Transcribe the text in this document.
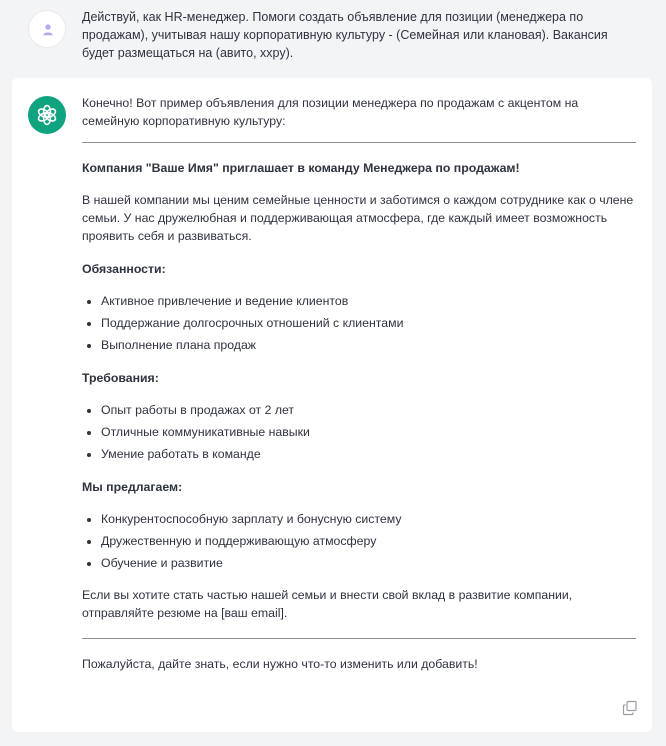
Действуй, как HR-менеджер. Помоги создать объявление для позиции (менеджера по продажам), учитывая нашу корпоративную культуру - (Семейная или клановая). Вакансия будет размещаться на (авито, ххру).

Конечно! Вот пример объявления для позиции менеджера по продажам с акцентом на семейную корпоративную культуру:

Компания "Ваше Имя" приглашает в команду Менеджера по продажам!

В нашей компании мы ценим семейные ценности и заботимся о каждом сотруднике как о члене семьи. У нас дружелюбная и поддерживающая атмосфера, где каждый имеет возможность проявить себя и развиваться.

Обязанности:

• Активное привлечение и ведение клиентов
• Поддержание долгосрочных отношений с клиентами
• Выполнение плана продаж

Требования:

• Опыт работы в продажах от 2 лет
• Отличные коммуникативные навыки
• Умение работать в команде

Мы предлагаем:

• Конкурентоспособную зарплату и бонусную систему
• Дружественную и поддерживающую атмосферу
• Обучение и развитие

Если вы хотите стать частью нашей семьи и внести свой вклад в развитие компании, отправляйте резюме на [ваш email].

Пожалуйста, дайте знать, если нужно что-то изменить или добавить!
